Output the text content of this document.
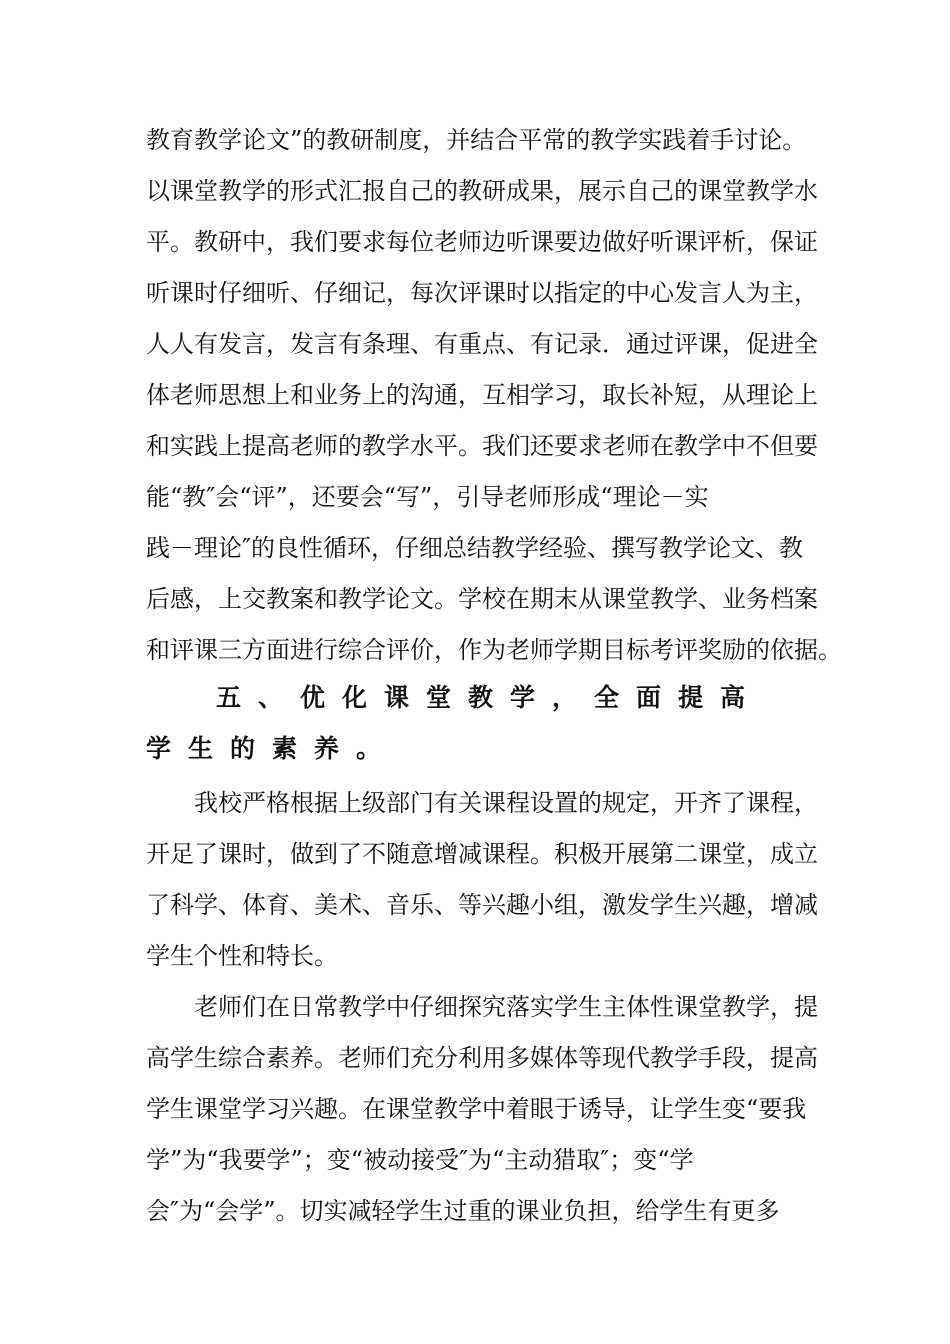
教育教学论文”的教研制度，并结合平常的教学实践着手讨论。
以课堂教学的形式汇报自己的教研成果，展示自己的课堂教学水
平。教研中，我们要求每位老师边听课要边做好听课评析，保证
听课时仔细听、仔细记，每次评课时以指定的中心发言人为主，
人人有发言，发言有条理、有重点、有记录．通过评课，促进全
体老师思想上和业务上的沟通，互相学习，取长补短，从理论上
和实践上提高老师的教学水平。我们还要求老师在教学中不但要
能“教″会“评”，还要会“写”，引导老师形成“理论－实
践－理论″的良性循环，仔细总结教学经验、撰写教学论文、教
后感，上交教案和教学论文。学校在期末从课堂教学、业务档案
和评课三方面进行综合评价，作为老师学期目标考评奖励的依据。
五、优化课堂教学，全面提高
学生的素养。
我校严格根据上级部门有关课程设置的规定，开齐了课程，
开足了课时，做到了不随意增减课程。积极开展第二课堂，成立
了科学、体育、美术、音乐、等兴趣小组，激发学生兴趣，增减
学生个性和特长。
老师们在日常教学中仔细探究落实学生主体性课堂教学，提
高学生综合素养。老师们充分利用多媒体等现代教学手段，提高
学生课堂学习兴趣。在课堂教学中着眼于诱导，让学生变“要我
学”为“我要学”；变“被动接受″为“主动猎取″；变“学
会″为“会学”。切实减轻学生过重的课业负担，给学生有更多
